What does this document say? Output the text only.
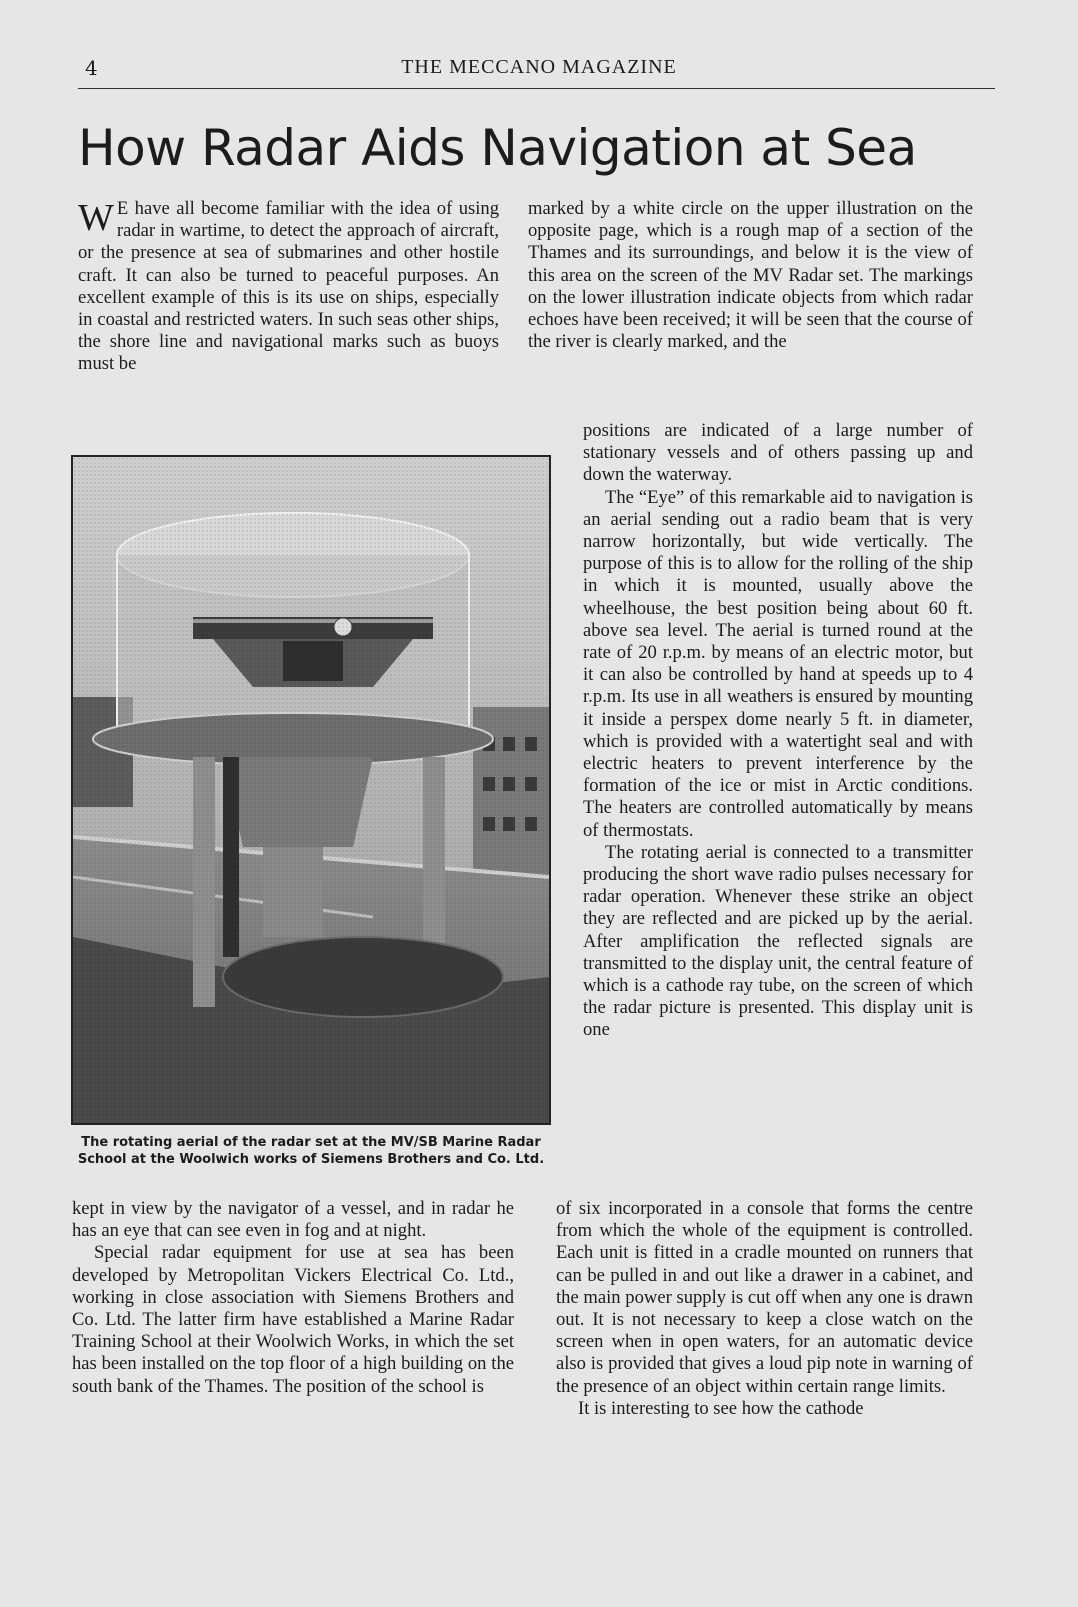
4	THE MECCANO MAGAZINE
How Radar Aids Navigation at Sea

W E have all become familiar with the idea of using radar in wartime, to detect the approach of aircraft, or the presence at sea of submarines and other hostile craft. It can also be turned to peaceful purposes. An excellent example of this is its use on ships, especially in coastal and restricted waters. In such seas other ships, the shore line and navigational marks such as buoys must be

marked by a white circle on the upper illustration on the opposite page, which is a rough map of a section of the Thames and its surroundings, and below it is the view of this area on the screen of the MV Radar set. The markings on the lower illustration indicate objects from which radar echoes have been received; it will be seen that the course of the river is clearly marked, and the

The rotating aerial of the radar set at the MV/SB Marine Radar School at the Woolwich works of Siemens Brothers and Co. Ltd.

positions are indicated of a large number of stationary vessels and of others passing up and down the waterway.

The “Eye” of this remarkable aid to navigation is an aerial sending out a radio beam that is very narrow horizontally, but wide vertically. The purpose of this is to allow for the rolling of the ship in which it is mounted, usually above the wheelhouse, the best position being about 60 ft. above sea level. The aerial is turned round at the rate of 20 r.p.m. by means of an electric motor, but it can also be controlled by hand at speeds up to 4 r.p.m. Its use in all weathers is ensured by mounting it inside a perspex dome nearly 5 ft. in diameter, which is provided with a watertight seal and with electric heaters to prevent interference by the formation of the ice or mist in Arctic conditions. The heaters are controlled automatically by means of thermostats.

The rotating aerial is connected to a transmitter producing the short wave radio pulses necessary for radar operation. Whenever these strike an object they are reflected and are picked up by the aerial. After amplification the reflected signals are transmitted to the display unit, the central feature of which is a cathode ray tube, on the screen of which the radar picture is presented. This display unit is one

of six incorporated in a console that forms the centre from which the whole of the equipment is controlled. Each unit is fitted in a cradle mounted on runners that can be pulled in and out like a drawer in a cabinet, and the main power supply is cut off when any one is drawn out. It is not necessary to keep a close watch on the screen when in open waters, for an automatic device also is provided that gives a loud pip note in warning of the presence of an object within certain range limits.

It is interesting to see how the cathode

kept in view by the navigator of a vessel, and in radar he has an eye that can see even in fog and at night.

Special radar equipment for use at sea has been developed by Metropolitan Vickers Electrical Co. Ltd., working in close association with Siemens Brothers and Co. Ltd. The latter firm have established a Marine Radar Training School at their Woolwich Works, in which the set has been installed on the top floor of a high building on the south bank of the Thames. The position of the school is
